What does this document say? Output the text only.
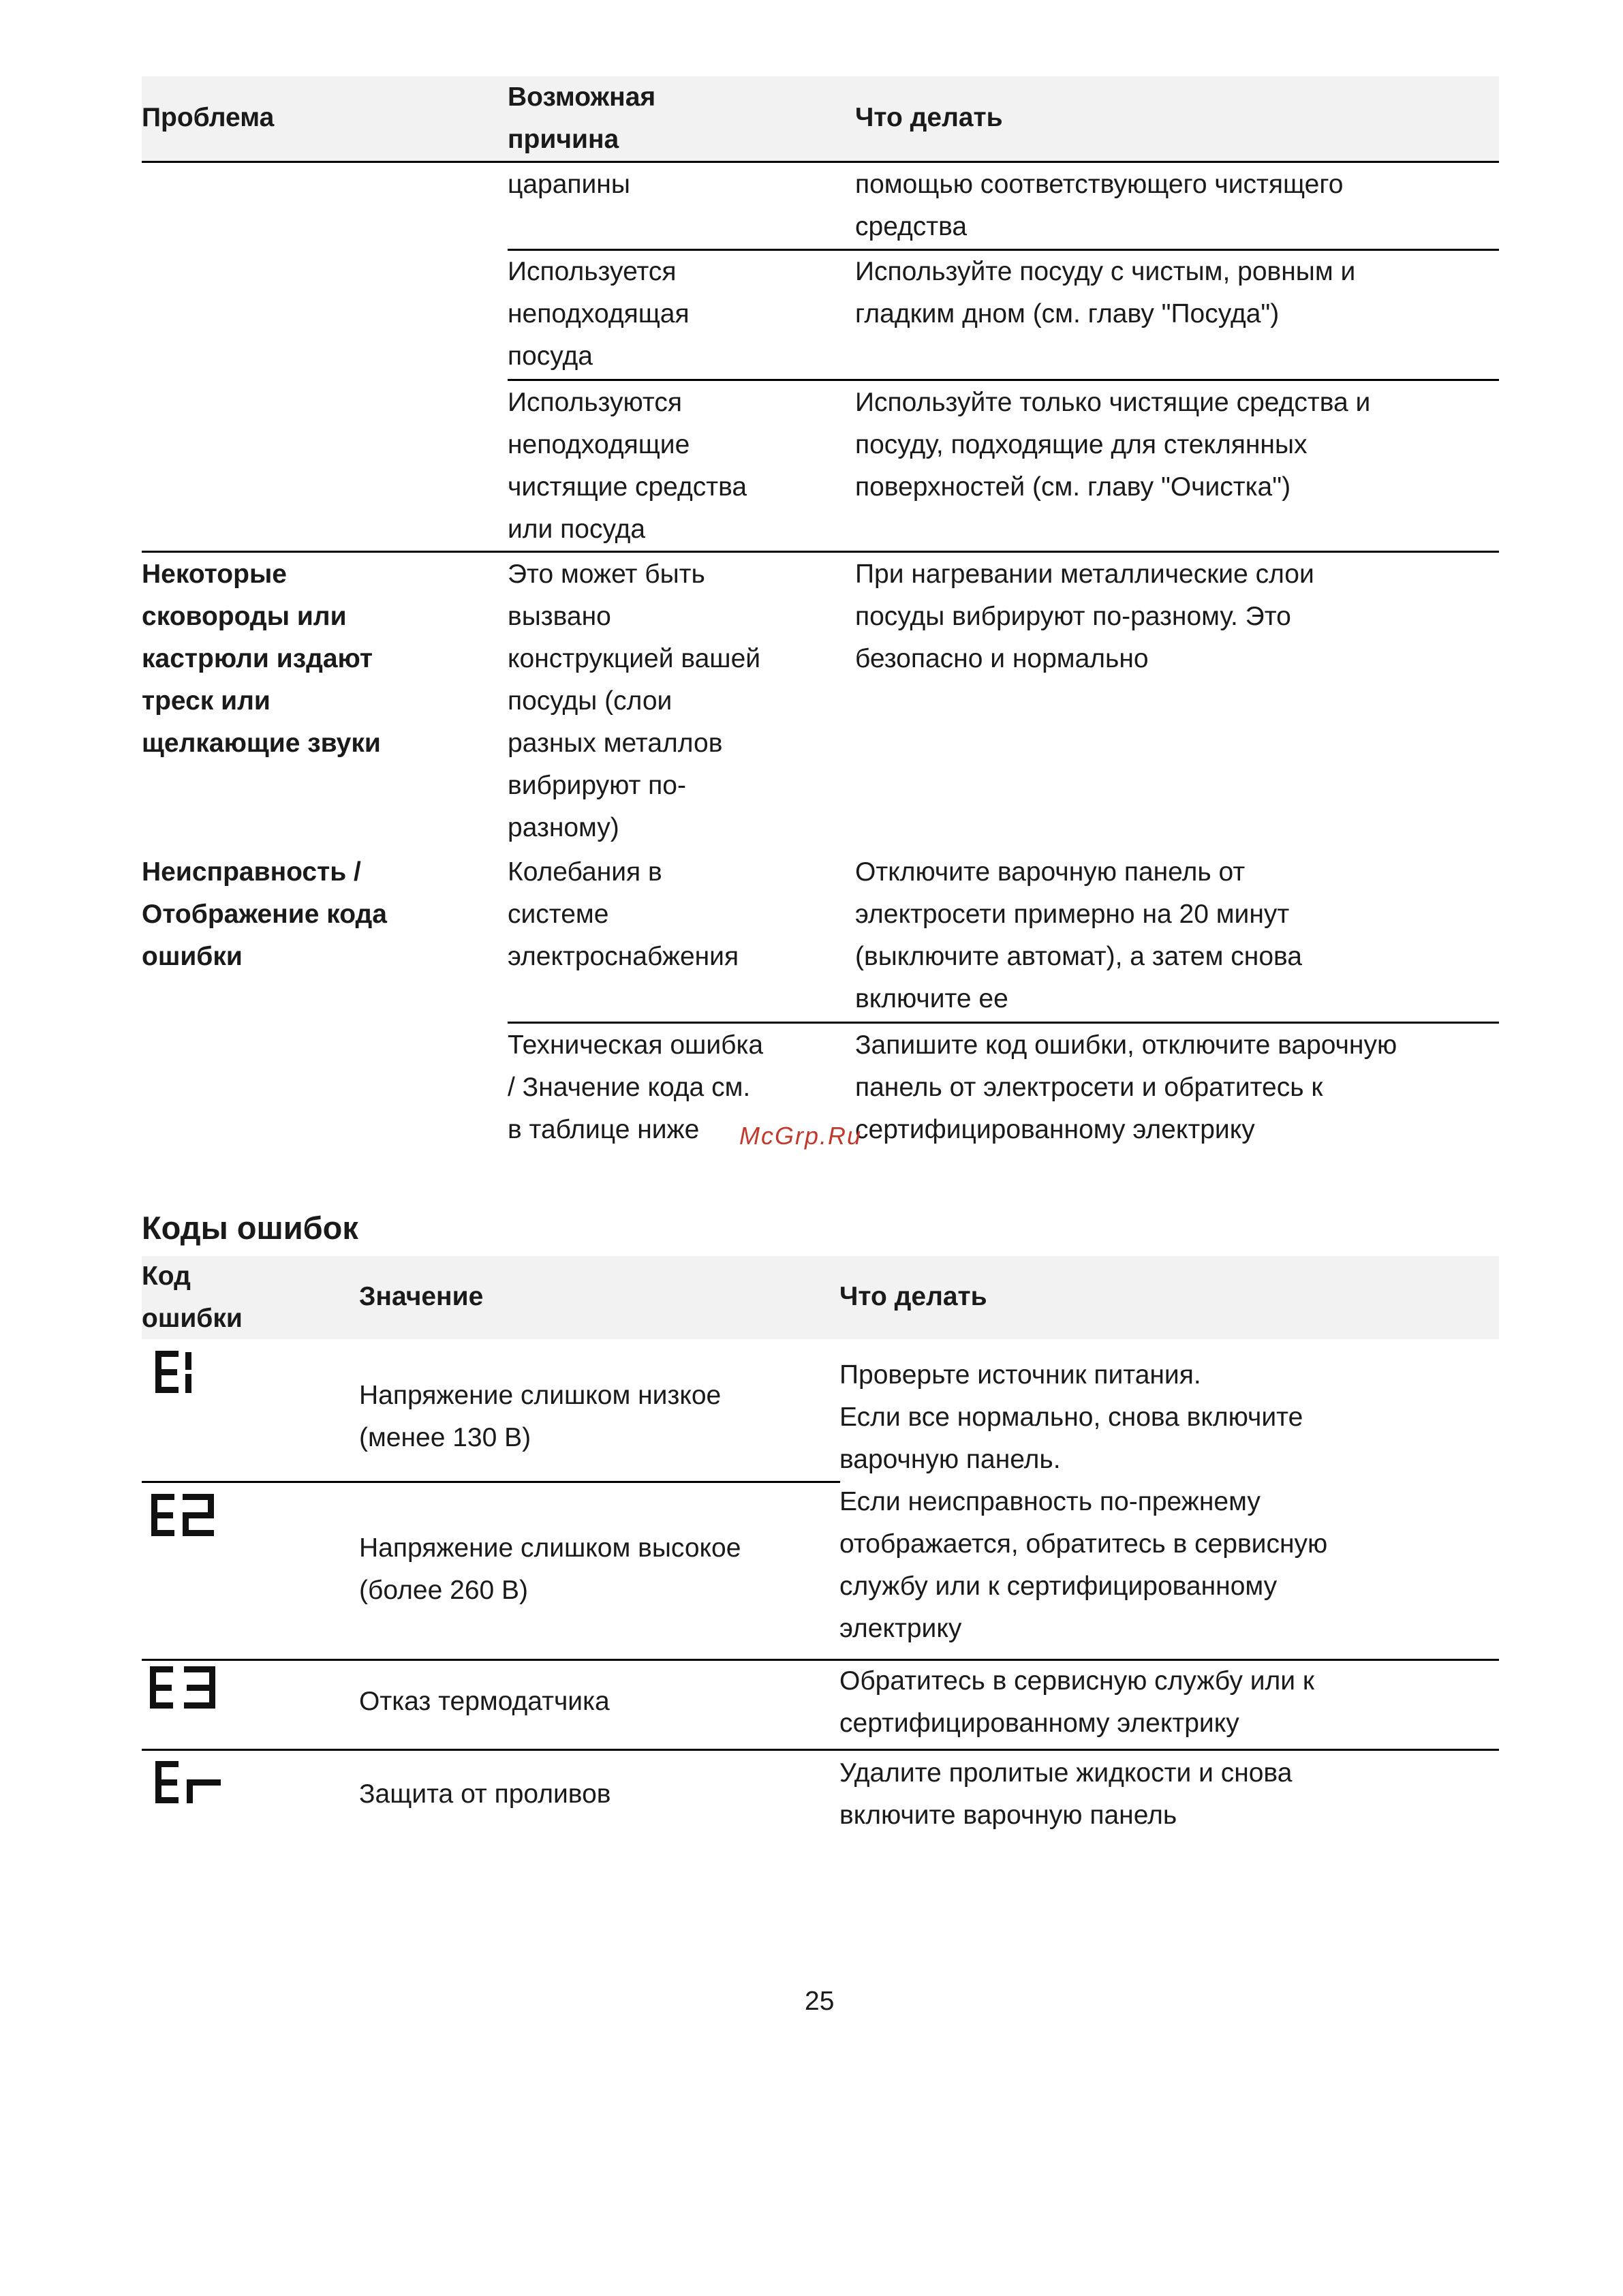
Проблема
Возможная
причина
Что делать
царапины	помощью соответствующего чистящего
средства
Используется
неподходящая
посуда
Используйте посуду с чистым, ровным и
гладким дном (см. главу "Посуда")
Используются
неподходящие
чистящие средства
или посуда
Используйте только чистящие средства и
посуду, подходящие для стеклянных
поверхностей (см. главу "Очистка")
Некоторые
сковороды или
кастрюли издают
треск или
щелкающие звуки
Это может быть
вызвано
конструкцией вашей
посуды (слои
разных металлов
вибрируют по-
разному)
При нагревании металлические слои
посуды вибрируют по-разному. Это
безопасно и нормально
Неисправность /
Отображение кода
ошибки
Колебания в
системе
электроснабжения
Отключите варочную панель от
электросети примерно на 20 минут
(выключите автомат), а затем снова
включите ее
Техническая ошибка
/ Значение кода см.
в таблице ниже
Запишите код ошибки, отключите варочную
панель от электросети и обратитесь к
сертифицированному электрику
McGrp.Ru
Коды ошибок
Код
ошибки
Значение	Что делать
Напряжение слишком низкое
(менее 130 В)
Проверьте источник питания.
Если все нормально, снова включите
варочную панель.
Если неисправность по-прежнему
отображается, обратитесь в сервисную
службу или к сертифицированному
электрику
Напряжение слишком высокое
(более 260 В)
Отказ термодатчика
Обратитесь в сервисную службу или к
сертифицированному электрику
Защита от проливов
Удалите пролитые жидкости и снова
включите варочную панель
25
